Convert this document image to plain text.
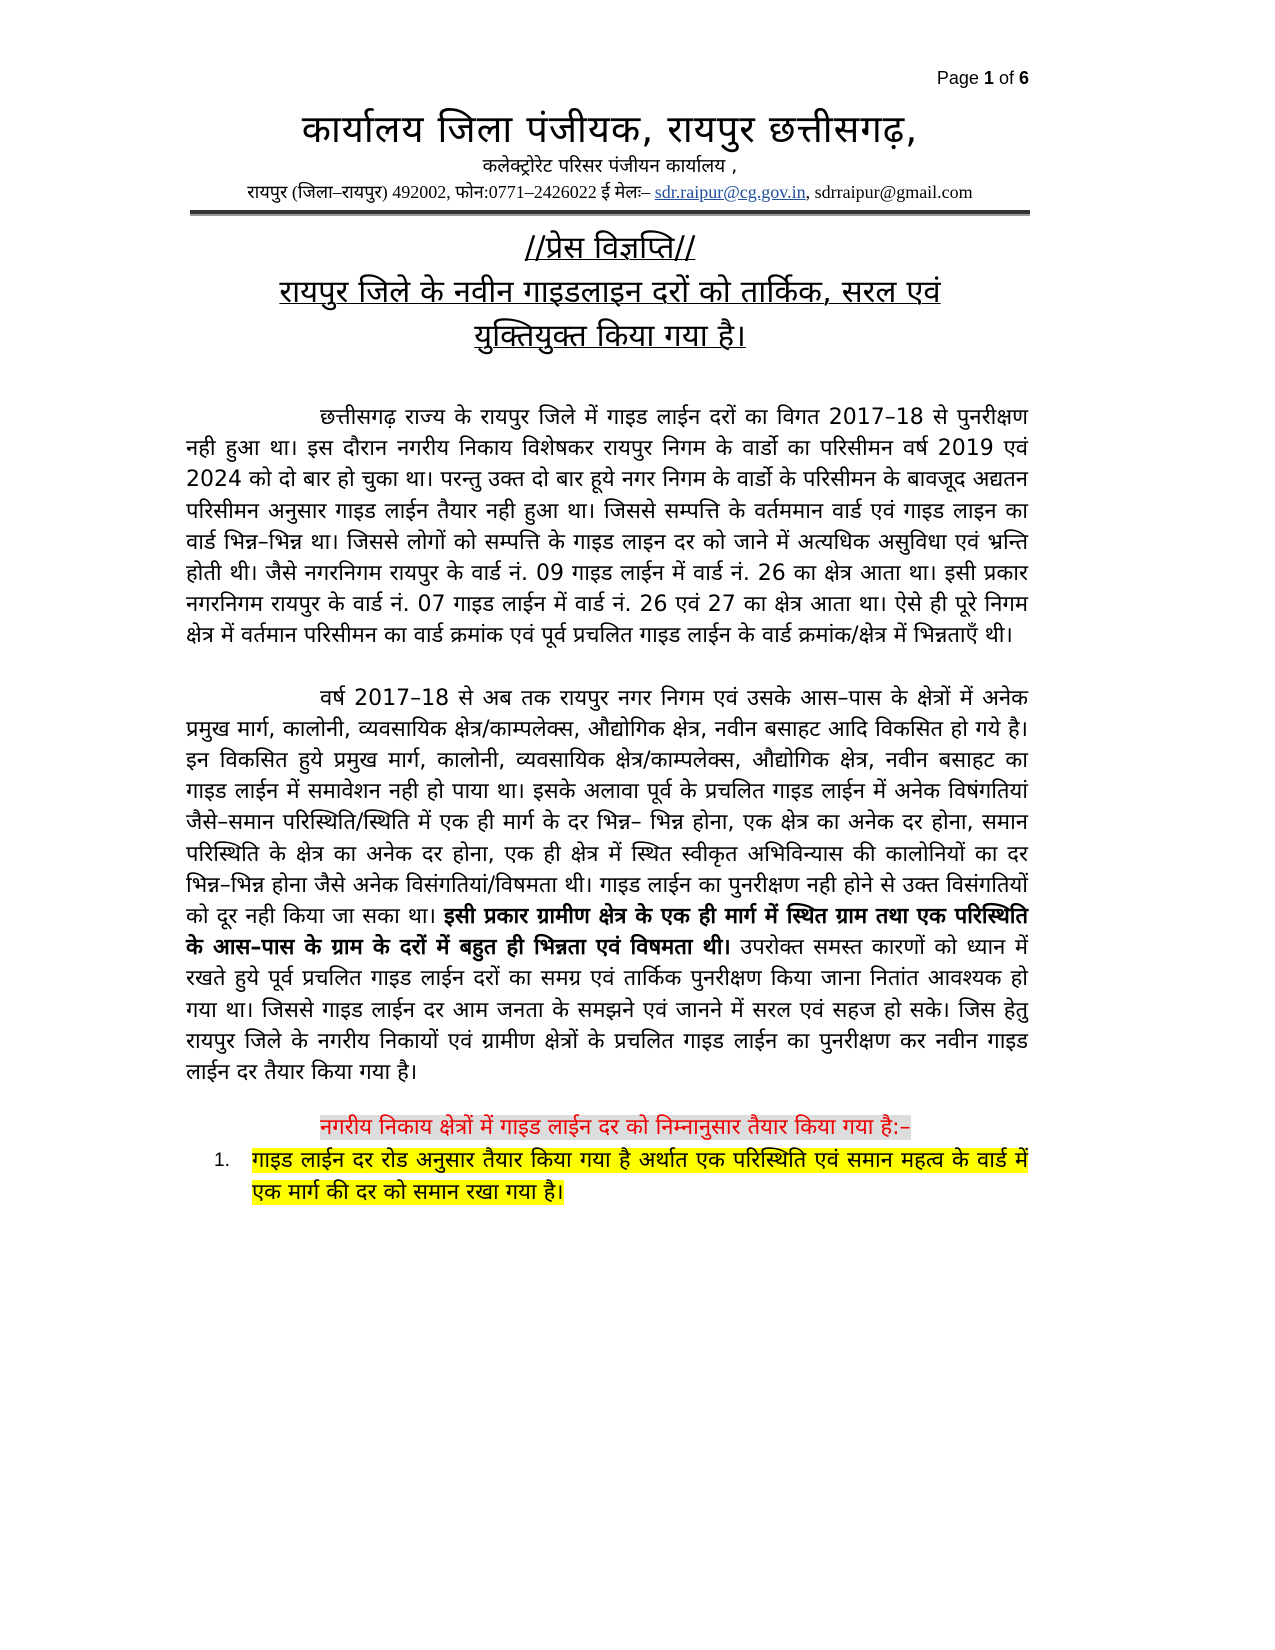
Page 1 of 6
कार्यालय जिला पंजीयक, रायपुर छत्तीसगढ़,
कलेक्ट्रोरेट परिसर पंजीयन कार्यालय ,
रायपुर (जिला–रायपुर) 492002, फोन:0771–2426022 ई मेलः– sdr.raipur@cg.gov.in, sdrraipur@gmail.com
//प्रेस विज्ञप्ति//
रायपुर जिले के नवीन गाइडलाइन दरों को तार्किक, सरल एवं
युक्तियुक्त किया गया है।

छत्तीसगढ़ राज्य के रायपुर जिले में गाइड लाईन दरों का विगत 2017–18 से पुनरीक्षण नही हुआ था। इस दौरान नगरीय निकाय विशेषकर रायपुर निगम के वार्डो का परिसीमन वर्ष 2019 एवं 2024 को दो बार हो चुका था। परन्तु उक्त दो बार हूये नगर निगम के वार्डो के परिसीमन के बावजूद अद्यतन परिसीमन अनुसार गाइड लाईन तैयार नही हुआ था। जिससे सम्पत्ति के वर्तममान वार्ड एवं गाइड लाइन का वार्ड भिन्न–भिन्न था। जिससे लोगों को सम्पत्ति के गाइड लाइन दर को जाने में अत्यधिक असुविधा एवं भ्रन्ति होती थी। जैसे नगरनिगम रायपुर के वार्ड नं. 09 गाइड लाईन में वार्ड नं. 26 का क्षेत्र आता था। इसी प्रकार नगरनिगम रायपुर के वार्ड नं. 07 गाइड लाईन में वार्ड नं. 26 एवं 27 का क्षेत्र आता था। ऐसे ही पूरे निगम क्षेत्र में वर्तमान परिसीमन का वार्ड क्रमांक एवं पूर्व प्रचलित गाइड लाईन के वार्ड क्रमांक/क्षेत्र में भिन्नताएँ थी।

वर्ष 2017–18 से अब तक रायपुर नगर निगम एवं उसके आस–पास के क्षेत्रों में अनेक प्रमुख मार्ग, कालोनी, व्यवसायिक क्षेत्र/काम्पलेक्स, औद्योगिक क्षेत्र, नवीन बसाहट आदि विकसित हो गये है। इन विकसित हुये प्रमुख मार्ग, कालोनी, व्यवसायिक क्षेत्र/काम्पलेक्स, औद्योगिक क्षेत्र, नवीन बसाहट का गाइड लाईन में समावेशन नही हो पाया था। इसके अलावा पूर्व के प्रचलित गाइड लाईन में अनेक विषंगतियां जैसे–समान परिस्थिति/स्थिति में एक ही मार्ग के दर भिन्न– भिन्न होना, एक क्षेत्र का अनेक दर होना, समान परिस्थिति के क्षेत्र का अनेक दर होना, एक ही क्षेत्र में स्थित स्वीकृत अभिविन्यास की कालोनियों का दर भिन्न–भिन्न होना जैसे अनेक विसंगतियां/विषमता थी। गाइड लाईन का पुनरीक्षण नही होने से उक्त विसंगतियों को दूर नही किया जा सका था। इसी प्रकार ग्रामीण क्षेत्र के एक ही मार्ग में स्थित ग्राम तथा एक परिस्थिति के आस–पास के ग्राम के दरों में बहुत ही भिन्नता एवं विषमता थी। उपरोक्त समस्त कारणों को ध्यान में रखते हुये पूर्व प्रचलित गाइड लाईन दरों का समग्र एवं तार्किक पुनरीक्षण किया जाना नितांत आवश्यक हो गया था। जिससे गाइड लाईन दर आम जनता के समझने एवं जानने में सरल एवं सहज हो सके। जिस हेतु रायपुर जिले के नगरीय निकायों एवं ग्रामीण क्षेत्रों के प्रचलित गाइड लाईन का पुनरीक्षण कर नवीन गाइड लाईन दर तैयार किया गया है।

नगरीय निकाय क्षेत्रों में गाइड लाईन दर को निम्नानुसार तैयार किया गया है:–

1.	गाइड लाईन दर रोड अनुसार तैयार किया गया है अर्थात एक परिस्थिति एवं समान महत्व के वार्ड में एक मार्ग की दर को समान रखा गया है।
